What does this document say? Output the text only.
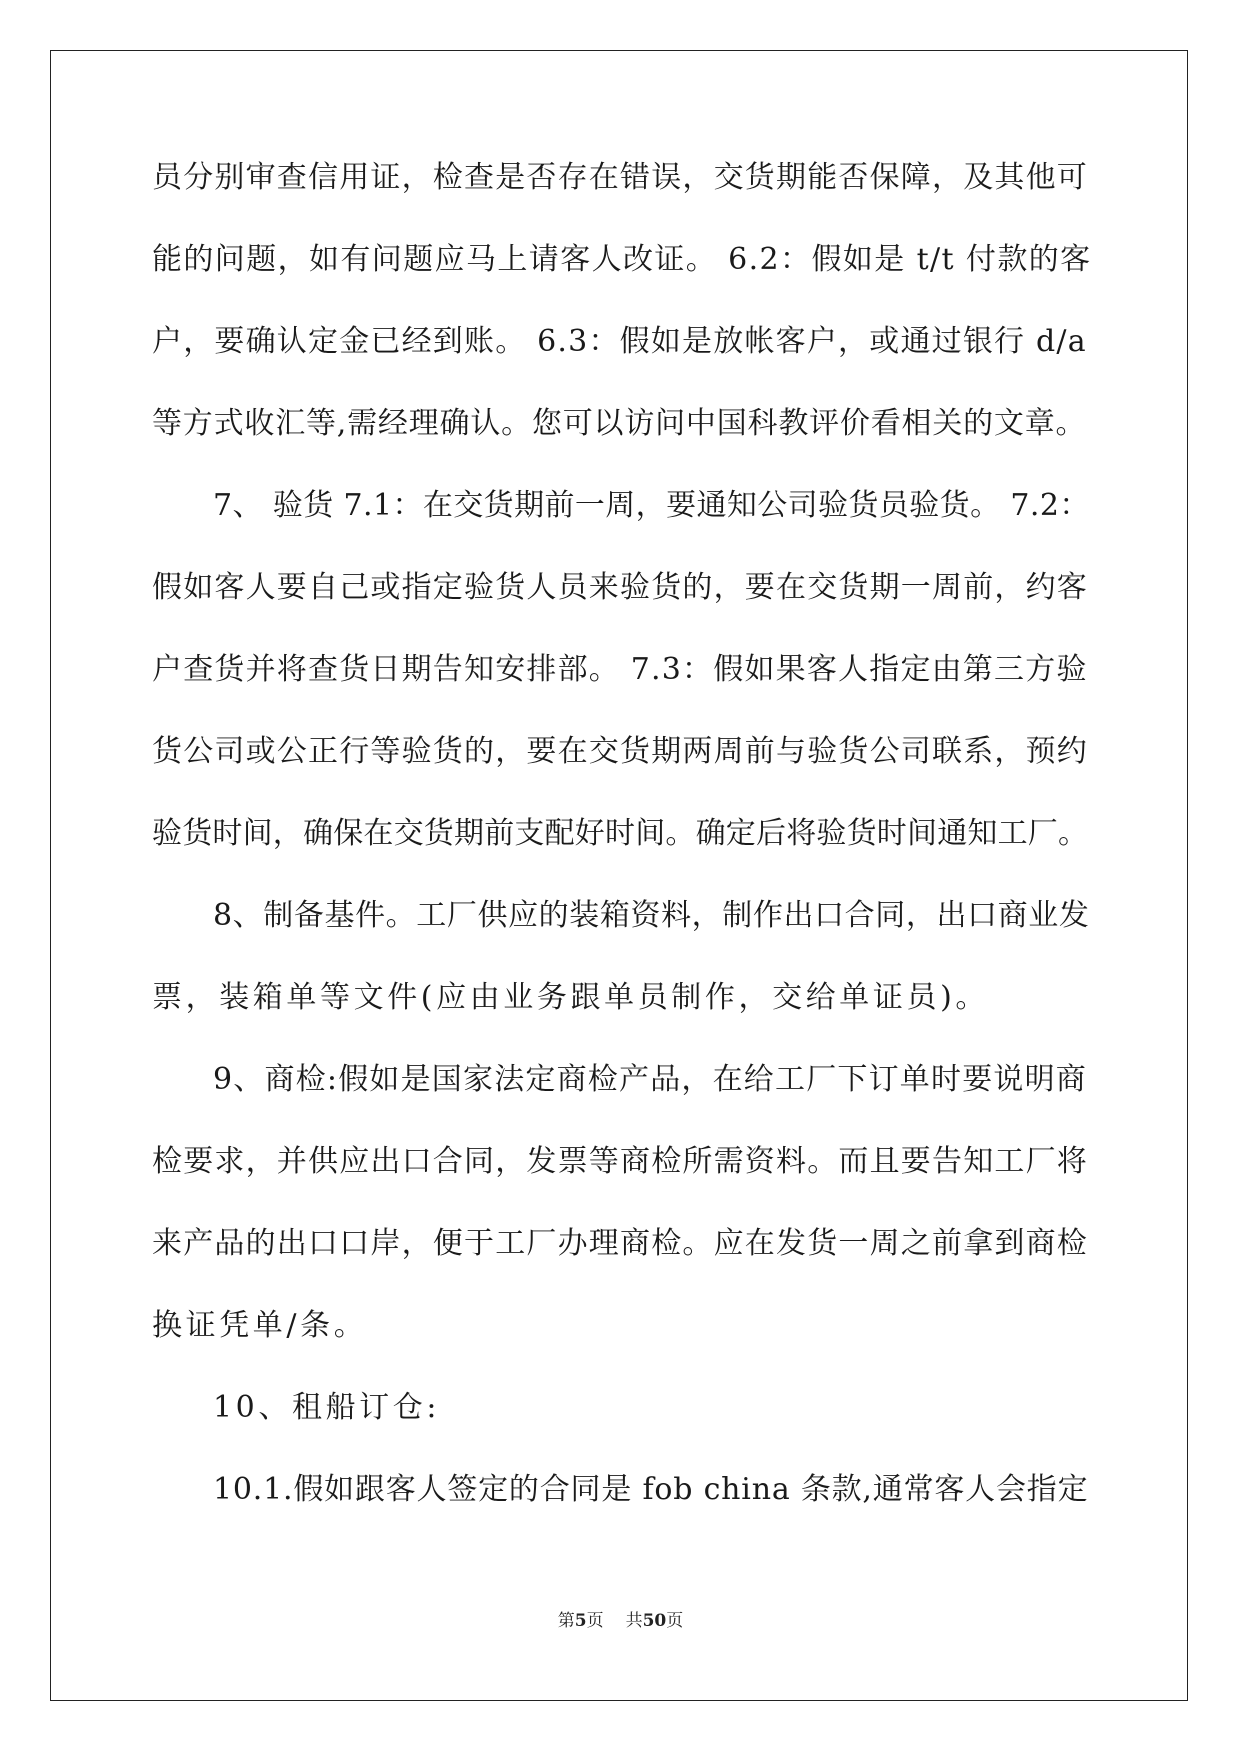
员分别审查信用证，检查是否存在错误，交货期能否保障，及其他可
能的问题，如有问题应马上请客人改证。 6.2：假如是 t/t 付款的客
户，要确认定金已经到账。 6.3：假如是放帐客户，或通过银行 d/a
等方式收汇等,需经理确认。您可以访问中国科教评价看相关的文章。
7、 验货 7.1：在交货期前一周，要通知公司验货员验货。 7.2：
假如客人要自己或指定验货人员来验货的，要在交货期一周前，约客
户查货并将查货日期告知安排部。 7.3：假如果客人指定由第三方验
货公司或公正行等验货的，要在交货期两周前与验货公司联系，预约
验货时间，确保在交货期前支配好时间。确定后将验货时间通知工厂。
8、制备基件。工厂供应的装箱资料，制作出口合同，出口商业发
票，装箱单等文件(应由业务跟单员制作，交给单证员)。
9、商检:假如是国家法定商检产品，在给工厂下订单时要说明商
检要求，并供应出口合同，发票等商检所需资料。而且要告知工厂将
来产品的出口口岸，便于工厂办理商检。应在发货一周之前拿到商检
换证凭单/条。
10、租船订仓:
10.1.假如跟客人签定的合同是 fob china 条款,通常客人会指定
第5页 共50页
